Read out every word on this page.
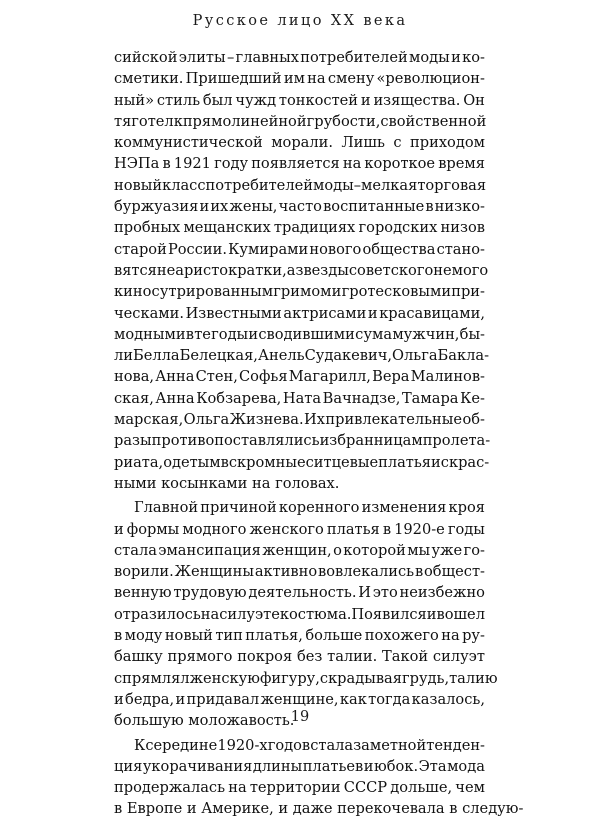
Русское лицо XX века
сийской элиты – главных потребителей моды и ко-
сметики. Пришедший им на смену «революцион-
ный» стиль был чужд тонкостей и изящества. Он
тяготел к прямолинейной грубости, свойственной
коммунистической морали. Лишь с приходом
НЭПа в 1921 году появляется на короткое время
новый класс потребителей моды – мелкая торговая
буржуазия и их жены, часто воспитанные в низко-
пробных мещанских традициях городских низов
старой России. Кумирами нового общества стано-
вятся не аристократки, а звезды советского немого
кино с утрированным гримом и гротесковыми при-
ческами. Известными актрисами и красавицами,
модными в те годы и сводившими с ума мужчин, бы-
ли Белла Белецкая, Анель Судакевич, Ольга Бакла-
нова, Анна Стен, Софья Магарилл, Вера Малинов-
ская, Анна Кобзарева, Ната Вачнадзе, Тамара Ке-
марская, Ольга Жизнева. Их привлекательные об-
разы противопоставлялись избранницам пролета-
риата, одетым в скромные ситцевые платья и с крас-
ными
косынками
на
головах.
Главной причиной коренного изменения кроя
и формы модного женского платья в 1920-е годы
стала эмансипация женщин, о которой мы уже го-
ворили. Женщины активно вовлекались в общест-
венную трудовую деятельность. И это неизбежно
отразилось на силуэте костюма. Появился и вошел
в моду новый тип платья, больше похожего на ру-
башку прямого покроя без талии. Такой силуэт
спрямлял женскую фигуру, скрадывая грудь, талию
и бедра, и придавал женщине, как тогда казалось,
большую
моложавость.
К середине 1920-х годов стала заметной тенден-
ция укорачивания длины платьев и юбок. Эта мода
продержалась на территории СССР дольше, чем
в
Европе
и
Америке,
и
даже
перекочевала
в
следую-
19
